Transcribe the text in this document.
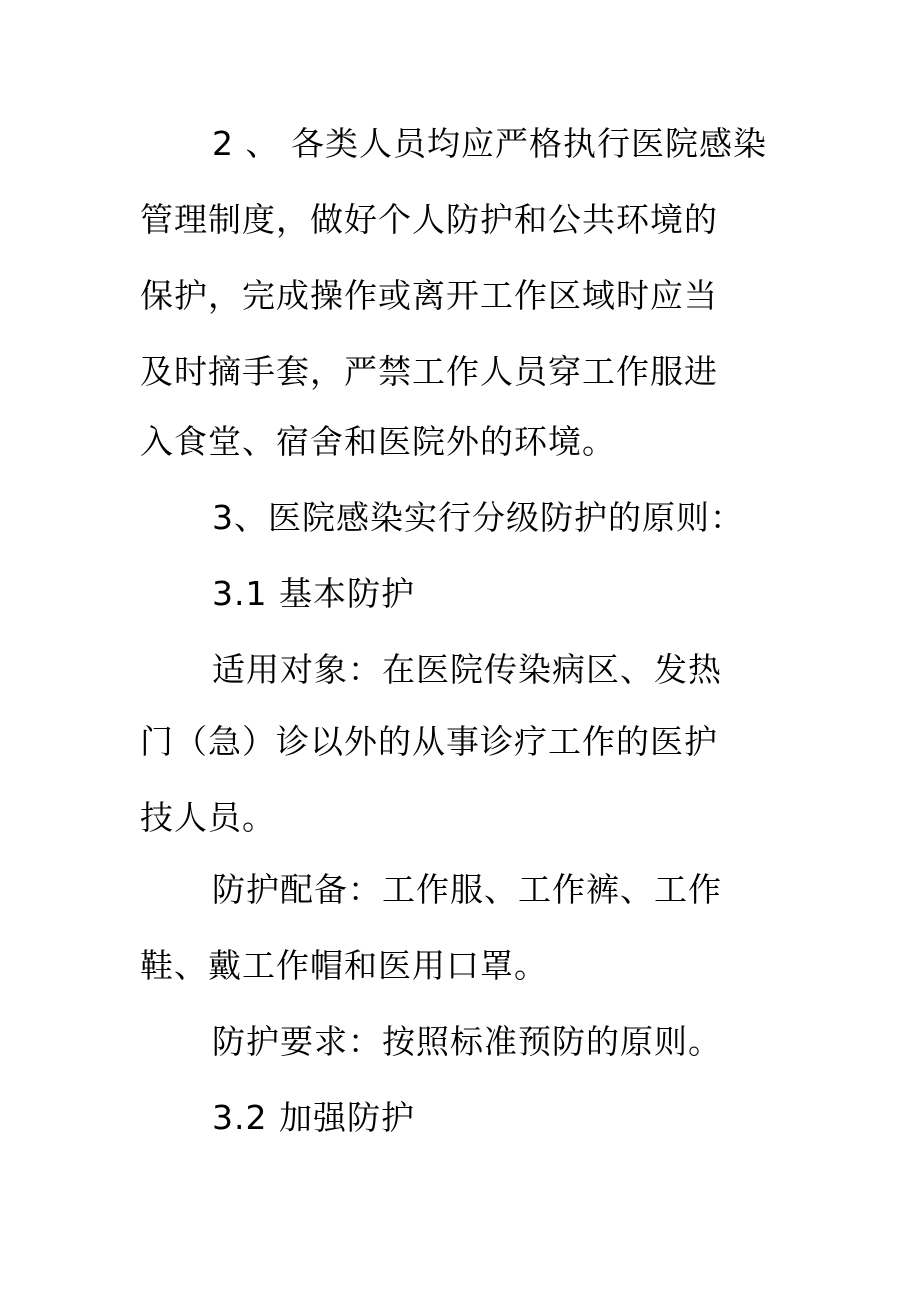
2 、 各类人员均应严格执行医院感染
管理制度，做好个人防护和公共环境的
保护，完成操作或离开工作区域时应当
及时摘手套，严禁工作人员穿工作服进
入食堂、宿舍和医院外的环境。
3、医院感染实行分级防护的原则：
3.1 基本防护
适用对象：在医院传染病区、发热
门（急）诊以外的从事诊疗工作的医护
技人员。
防护配备：工作服、工作裤、工作
鞋、戴工作帽和医用口罩。
防护要求：按照标准预防的原则。
3.2 加强防护
